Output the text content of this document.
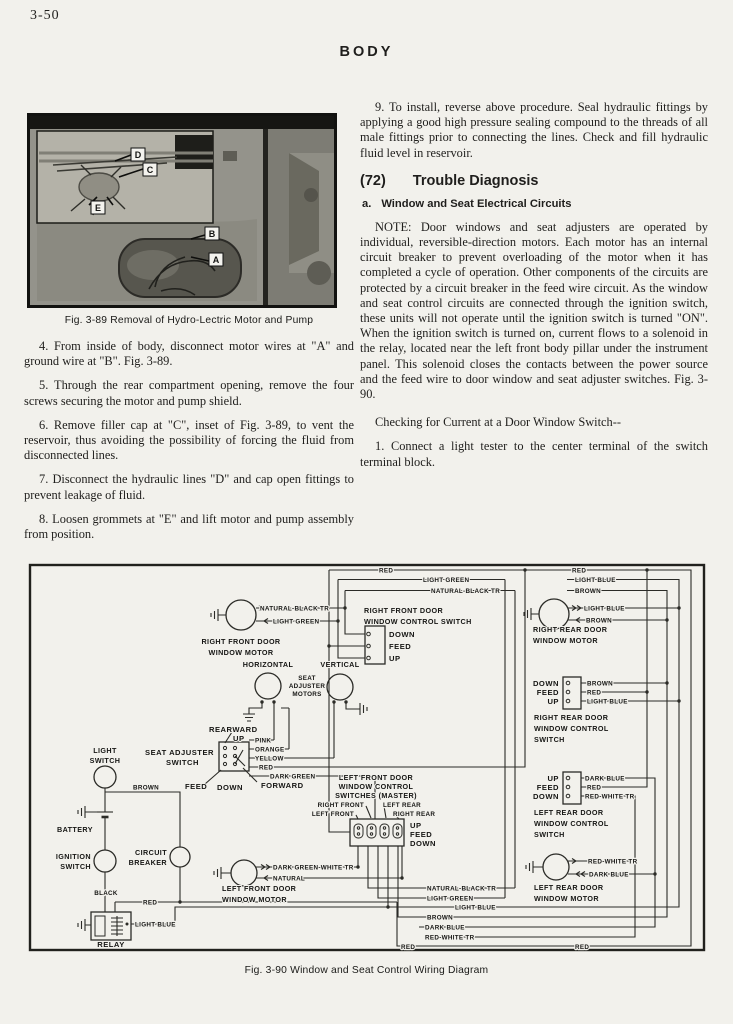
3-50
BODY
D
C
E
B
A
Fig. 3-89 Removal of Hydro-Lectric Motor and Pump

4. From inside of body, disconnect motor wires at "A" and ground wire at "B". Fig. 3-89.

5. Through the rear compartment opening, remove the four screws securing the motor and pump shield.

6. Remove filler cap at "C", inset of Fig. 3-89, to vent the reservoir, thus avoiding the possibility of forcing the fluid from disconnected lines.

7. Disconnect the hydraulic lines "D" and cap open fittings to prevent leakage of fluid.

8. Loosen grommets at "E" and lift motor and pump assembly from position.

9. To install, reverse above procedure. Seal hydraulic fittings by applying a good high pressure sealing compound to the threads of all male fittings prior to connecting the lines. Check and fill hydraulic fluid level in reservoir.

(72) Trouble Diagnosis
a. Window and Seat Electrical Circuits

NOTE: Door windows and seat adjusters are operated by individual, reversible-direction motors. Each motor has an internal circuit breaker to prevent overloading of the motor when it has completed a cycle of operation. Other components of the circuits are protected by a circuit breaker in the feed wire circuit. As the window and seat control circuits are connected through the ignition switch, these units will not operate until the ignition switch is turned "ON". When the ignition switch is turned on, current flows to a solenoid in the relay, located near the left front body pillar under the instrument panel. This solenoid closes the contacts between the power source and the feed wire to door window and seat adjuster switches. Fig. 3-90.

Checking for Current at a Door Window Switch--

1. Connect a light tester to the center terminal of the switch terminal block.

NATURAL-BLACK TR
LIGHT GREEN
RIGHT FRONT DOOR
WINDOW MOTOR
RED
LIGHT GREEN
NATURAL-BLACK TR
RED
LIGHT BLUE
BROWN
RIGHT FRONT DOOR
WINDOW CONTROL SWITCH
DOWN
FEED
UP
LIGHT BLUE
BROWN
RIGHT REAR DOOR
WINDOW MOTOR
DOWN
FEED
UP
BROWN
RED
LIGHT BLUE
RIGHT REAR DOOR
WINDOW CONTROL
SWITCH
UP
FEED
DOWN
DARK BLUE
RED
RED-WHITE TR
LEFT REAR DOOR
WINDOW CONTROL
SWITCH
RED-WHITE TR
DARK BLUE
LEFT REAR DOOR
WINDOW MOTOR
HORIZONTAL	VERTICAL
SEAT
ADJUSTER
MOTORS
REARWARD
UP
SEAT ADJUSTER
SWITCH
FEED DOWN FORWARD
PINK
ORANGE
YELLOW
RED
DARK GREEN	LEFT FRONT DOOR
WINDOW CONTROL
SWITCHES (MASTER)
RIGHT FRONT	LEFT REAR
LEFT FRONT	RIGHT REAR
UP
FEED
DOWN
LIGHT
SWITCH
BROWN
BATTERY
IGNITION
SWITCH
CIRCUIT
BREAKER
BLACK
RED
LIGHT BLUE
RELAY
DARK GREEN-WHITE TR
NATURAL
LEFT FRONT DOOR
WINDOW MOTOR
NATURAL-BLACK TR
LIGHT GREEN
LIGHT BLUE
BROWN
DARK BLUE
RED-WHITE TR
RED	RED
Fig. 3-90 Window and Seat Control Wiring Diagram
